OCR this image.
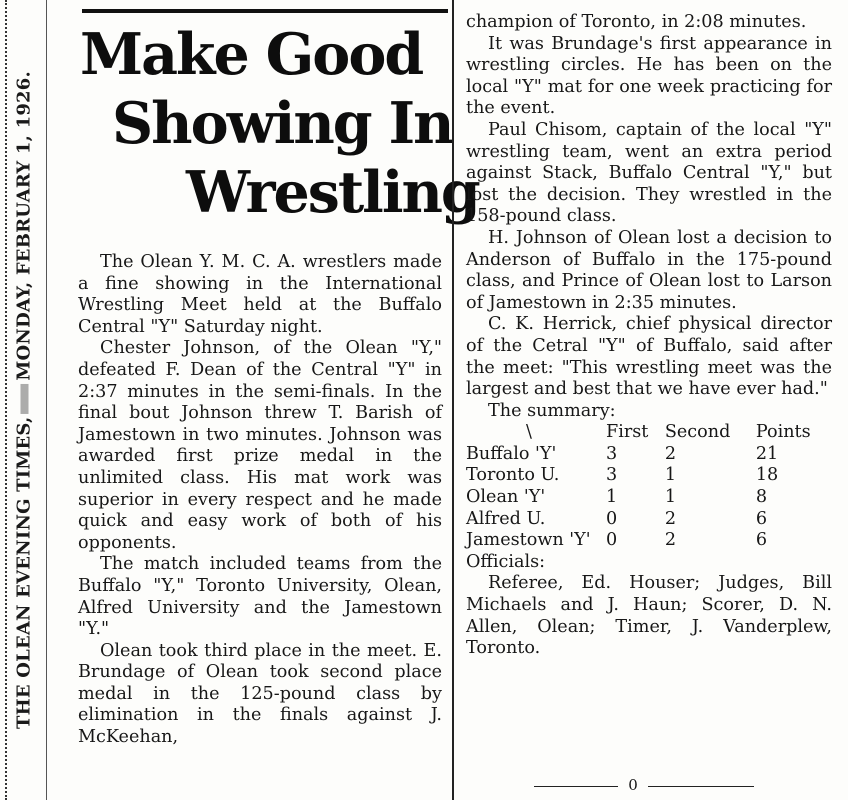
THE OLEAN EVENING TIMES,MONDAY, FEBRUARY 1, 1926.
Make Good
Showing In
Wrestling

The Olean Y. M. C. A. wrestlers made a fine showing in the International Wrestling Meet held at the Buffalo Central "Y" Saturday night.

Chester Johnson, of the Olean "Y," defeated F. Dean of the Central "Y" in 2:37 minutes in the semi-finals. In the final bout Johnson threw T. Barish of Jamestown in two minutes. Johnson was awarded first prize medal in the unlimited class. His mat work was superior in every respect and he made quick and easy work of both of his opponents.

The match included teams from the Buffalo "Y," Toronto University, Olean, Alfred University and the Jamestown "Y."

Olean took third place in the meet. E. Brundage of Olean took second place medal in the 125-pound class by elimination in the finals against J. McKeehan,

champion of Toronto, in 2:08 minutes.

It was Brundage's first appearance in wrestling circles. He has been on the local "Y" mat for one week practicing for the event.

Paul Chisom, captain of the local "Y" wrestling team, went an extra period against Stack, Buffalo Central "Y," but lost the decision. They wrestled in the 158-pound class.

H. Johnson of Olean lost a decision to Anderson of Buffalo in the 175-pound class, and Prince of Olean lost to Larson of Jamestown in 2:35 minutes.

C. K. Herrick, chief physical director of the Cetral "Y" of Buffalo, said after the meet: "This wrestling meet was the largest and best that we have ever had."

The summary:

\	First	Second	Points
Buffalo 'Y'	3	2	21
Toronto U.	3	1	18
Olean 'Y'	1	1	8
Alfred U.	0	2	6
Jamestown 'Y'	0	2	6

Officials:

Referee, Ed. Houser; Judges, Bill Michaels and J. Haun; Scorer, D. N. Allen, Olean; Timer, J. Vanderplew, Toronto.

0
